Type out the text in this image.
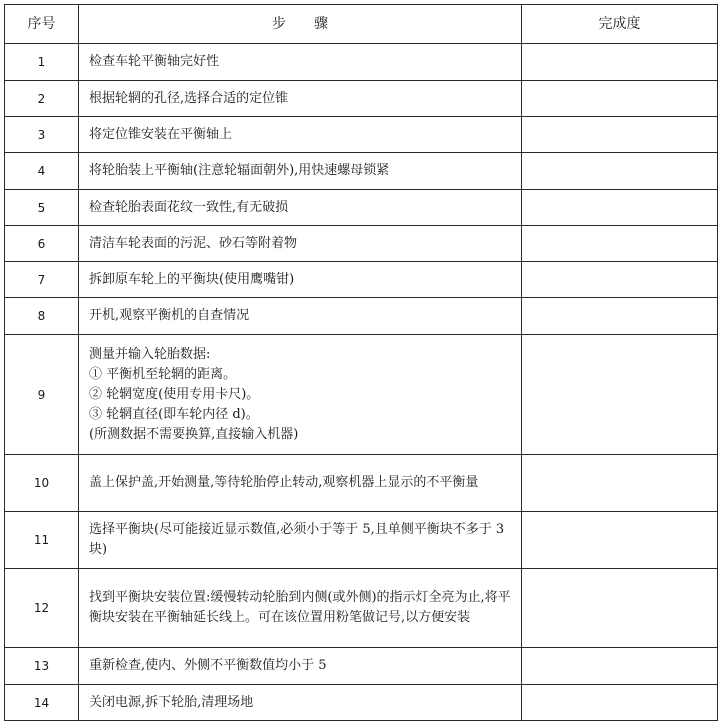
序号	步骤	完成度
1	检查车轮平衡轴完好性	
2	根据轮辋的孔径,选择合适的定位锥	
3	将定位锥安装在平衡轴上	
4	将轮胎装上平衡轴(注意轮辐面朝外),用快速螺母锁紧	
5	检查轮胎表面花纹一致性,有无破损	
6	清洁车轮表面的污泥、砂石等附着物	
7	拆卸原车轮上的平衡块(使用鹰嘴钳)	
8	开机,观察平衡机的自查情况	
9	测量并输入轮胎数据:
① 平衡机至轮辋的距离。
② 轮辋宽度(使用专用卡尺)。
③ 轮辋直径(即车轮内径 d)。
(所测数据不需要换算,直接输入机器)	
10	盖上保护盖,开始测量,等待轮胎停止转动,观察机器上显示的不平衡量	
11	选择平衡块(尽可能接近显示数值,必须小于等于 5,且单侧平衡块不多于 3 块)	
12	找到平衡块安装位置:缓慢转动轮胎到内侧(或外侧)的指示灯全亮为止,将平衡块安装在平衡轴延长线上。可在该位置用粉笔做记号,以方便安装	
13	重新检查,使内、外侧不平衡数值均小于 5	
14	关闭电源,拆下轮胎,清理场地	
